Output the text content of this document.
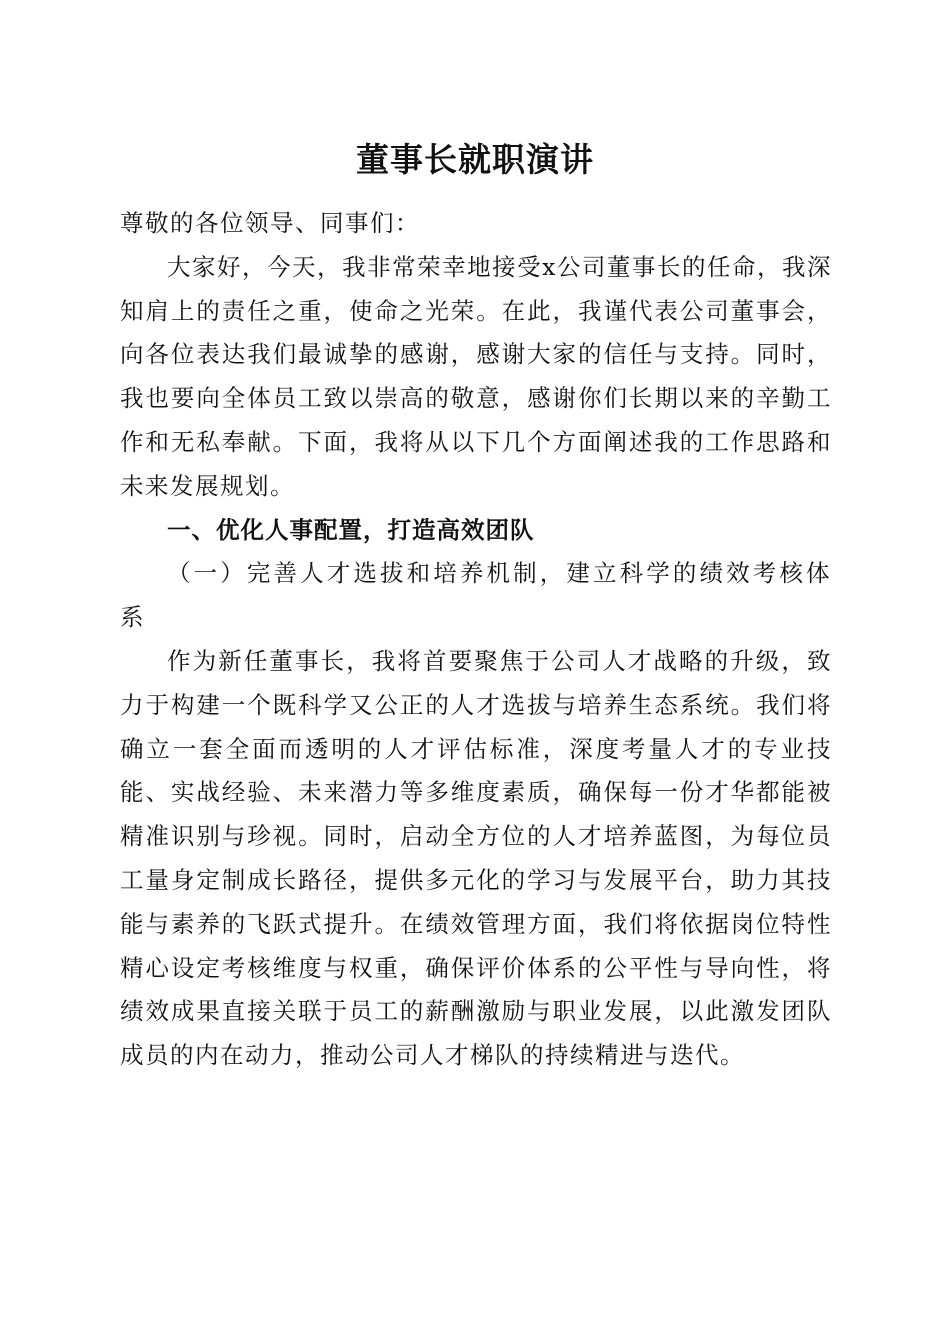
董事长就职演讲

尊敬的各位领导、同事们：

大家好，今天，我非常荣幸地接受x公司董事长的任命，我深知肩上的责任之重，使命之光荣。在此，我谨代表公司董事会，向各位表达我们最诚挚的感谢，感谢大家的信任与支持。同时，我也要向全体员工致以崇高的敬意，感谢你们长期以来的辛勤工作和无私奉献。下面，我将从以下几个方面阐述我的工作思路和未来发展规划。

一、优化人事配置，打造高效团队

（一）完善人才选拔和培养机制，建立科学的绩效考核体系

作为新任董事长，我将首要聚焦于公司人才战略的升级，致力于构建一个既科学又公正的人才选拔与培养生态系统。我们将确立一套全面而透明的人才评估标准，深度考量人才的专业技能、实战经验、未来潜力等多维度素质，确保每一份才华都能被精准识别与珍视。同时，启动全方位的人才培养蓝图，为每位员工量身定制成长路径，提供多元化的学习与发展平台，助力其技能与素养的飞跃式提升。在绩效管理方面，我们将依据岗位特性精心设定考核维度与权重，确保评价体系的公平性与导向性，将绩效成果直接关联于员工的薪酬激励与职业发展，以此激发团队成员的内在动力，推动公司人才梯队的持续精进与迭代。
